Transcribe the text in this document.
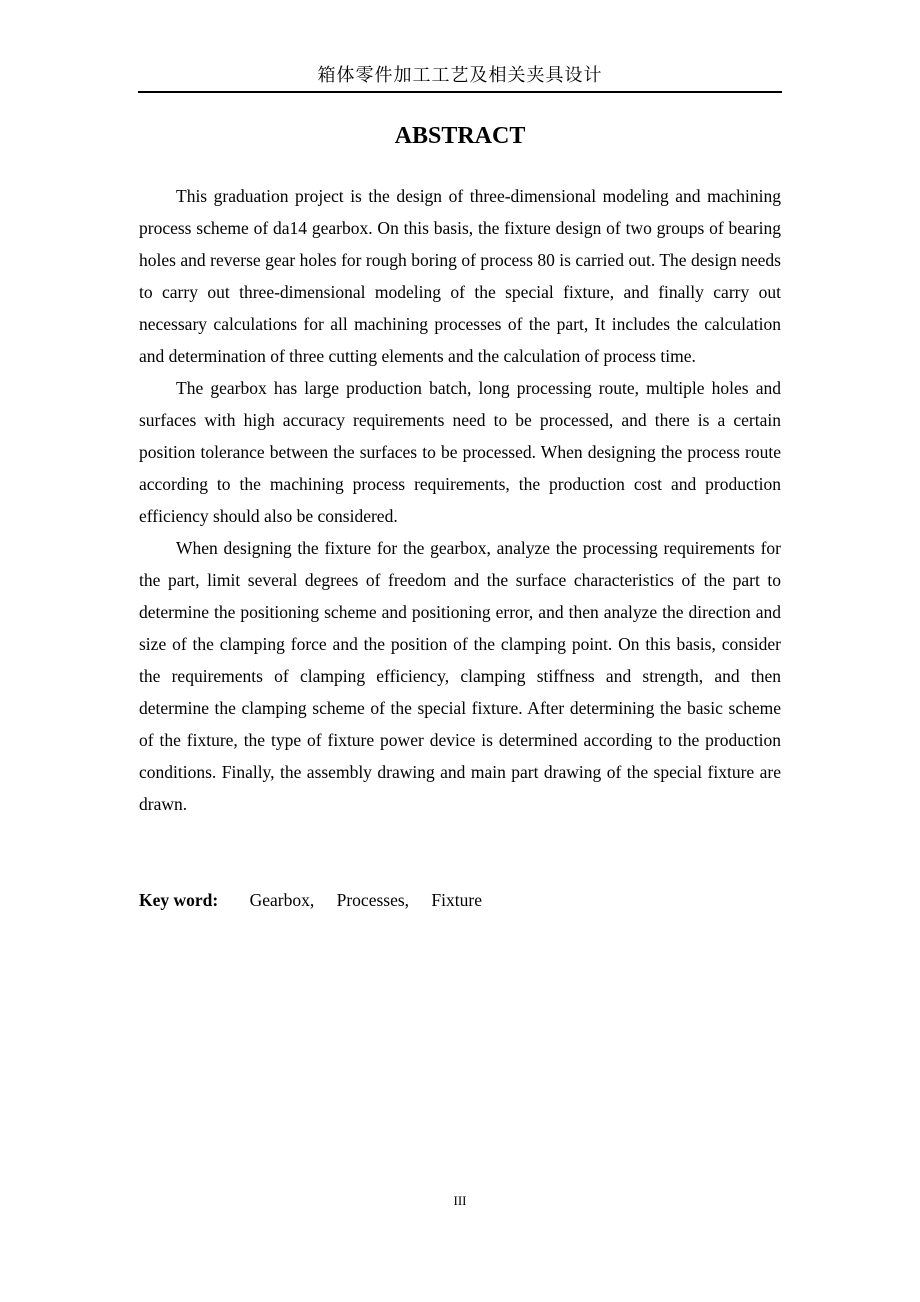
箱体零件加工工艺及相关夹具设计
ABSTRACT

This graduation project is the design of three-dimensional modeling and machining process scheme of da14 gearbox. On this basis, the fixture design of two groups of bearing holes and reverse gear holes for rough boring of process 80 is carried out. The design needs to carry out three-dimensional modeling of the special fixture, and finally carry out necessary calculations for all machining processes of the part, It includes the calculation and determination of three cutting elements and the calculation of process time.

The gearbox has large production batch, long processing route, multiple holes and surfaces with high accuracy requirements need to be processed, and there is a certain position tolerance between the surfaces to be processed. When designing the process route according to the machining process requirements, the production cost and production efficiency should also be considered.

When designing the fixture for the gearbox, analyze the processing requirements for the part, limit several degrees of freedom and the surface characteristics of the part to determine the positioning scheme and positioning error, and then analyze the direction and size of the clamping force and the position of the clamping point. On this basis, consider the requirements of clamping efficiency, clamping stiffness and strength, and then determine the clamping scheme of the special fixture. After determining the basic scheme of the fixture, the type of fixture power device is determined according to the production conditions. Finally, the assembly drawing and main part drawing of the special fixture are drawn.

Key word: Gearbox, Processes, Fixture
III
